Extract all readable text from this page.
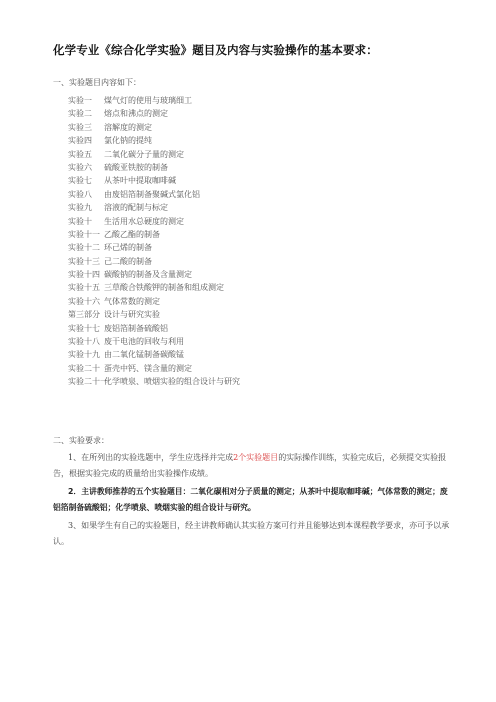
化学专业《综合化学实验》题目及内容与实验操作的基本要求：
一、实验题目内容如下：
实验一 煤气灯的使用与玻璃细工
实验二 熔点和沸点的测定
实验三 溶解度的测定
实验四 氯化钠的提纯
实验五 二氧化碳分子量的测定
实验六 硫酸亚铁胺的制备
实验七 从茶叶中提取咖啡碱
实验八 由废铝箔制备聚碱式氯化铝
实验九 溶液的配制与标定
实验十 生活用水总硬度的测定
实验十一 乙酸乙酯的制备
实验十二 环己烯的制备
实验十三 己二酸的制备
实验十四 碳酸钠的制备及含量测定
实验十五 三草酸合铁酸钾的制备和组成测定
实验十六 气体常数的测定
第三部分 设计与研究实验
实验十七 废铝箔制备硫酸铝
实验十八 废干电池的回收与利用
实验十九 由二氧化锰制备碳酸锰
实验二十 蛋壳中钙、镁含量的测定
实验二十一化学喷泉、喷烟实验的组合设计与研究
二、实验要求：
1、在所列出的实验选题中，学生应选择并完成2个实验题目的实际操作训练，实验完成后，必须提交实验报告，根据实验完成的质量给出实验操作成绩。
2．主讲教师推荐的五个实验题目：二氧化碳相对分子质量的测定；从茶叶中提取咖啡碱；气体常数的测定；废铝箔制备硫酸铝；化学喷泉、喷烟实验的组合设计与研究。
3、如果学生有自己的实验题目，经主讲教师确认其实验方案可行并且能够达到本课程教学要求，亦可予以承认。
